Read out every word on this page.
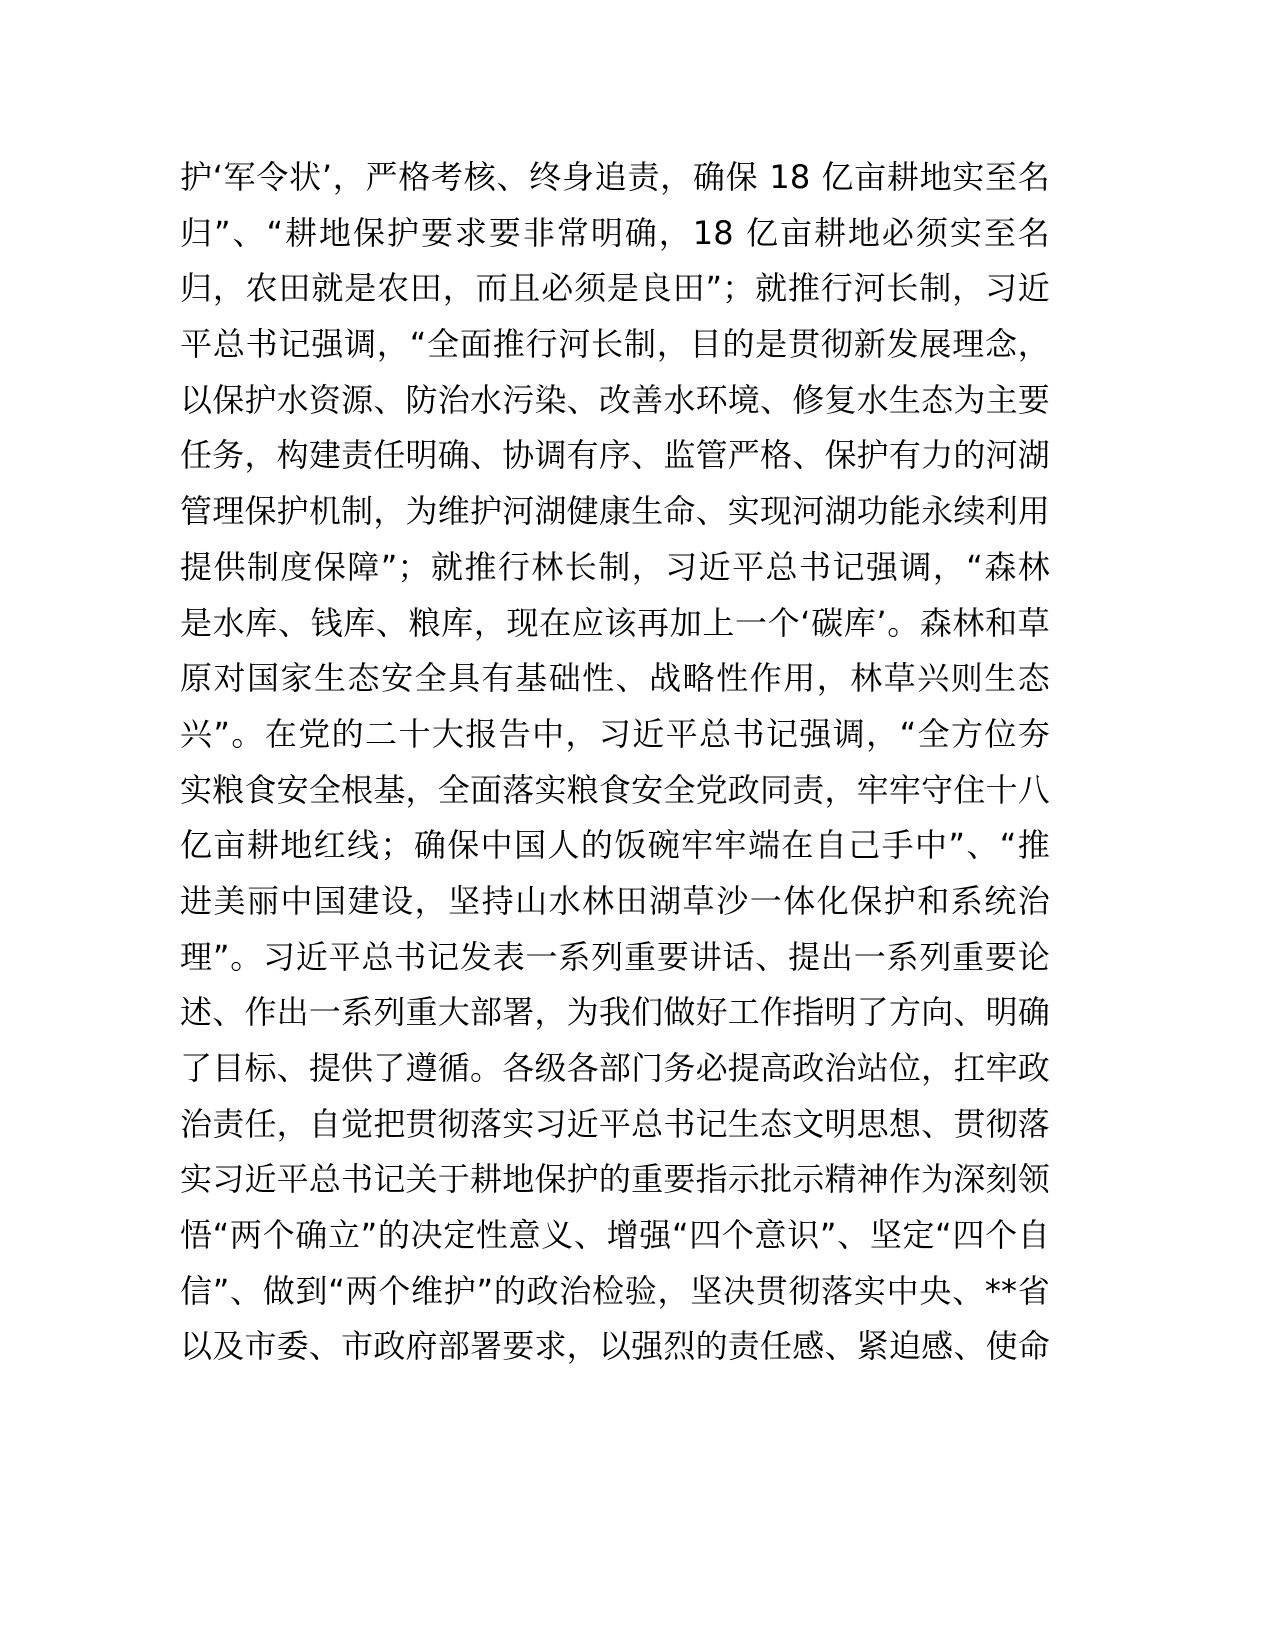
护‘军令状’，严格考核、终身追责，确保 18 亿亩耕地实至名
归”、“耕地保护要求要非常明确，18 亿亩耕地必须实至名
归，农田就是农田，而且必须是良田”；就推行河长制，习近
平总书记强调，“全面推行河长制，目的是贯彻新发展理念，
以保护水资源、防治水污染、改善水环境、修复水生态为主要
任务，构建责任明确、协调有序、监管严格、保护有力的河湖
管理保护机制，为维护河湖健康生命、实现河湖功能永续利用
提供制度保障”；就推行林长制，习近平总书记强调，“森林
是水库、钱库、粮库，现在应该再加上一个‘碳库’。森林和草
原对国家生态安全具有基础性、战略性作用，林草兴则生态
兴”。在党的二十大报告中，习近平总书记强调，“全方位夯
实粮食安全根基，全面落实粮食安全党政同责，牢牢守住十八
亿亩耕地红线；确保中国人的饭碗牢牢端在自己手中”、“推
进美丽中国建设，坚持山水林田湖草沙一体化保护和系统治
理”。习近平总书记发表一系列重要讲话、提出一系列重要论
述、作出一系列重大部署，为我们做好工作指明了方向、明确
了目标、提供了遵循。各级各部门务必提高政治站位，扛牢政
治责任，自觉把贯彻落实习近平总书记生态文明思想、贯彻落
实习近平总书记关于耕地保护的重要指示批示精神作为深刻领
悟“两个确立”的决定性意义、增强“四个意识”、坚定“四个自
信”、做到“两个维护”的政治检验，坚决贯彻落实中央、**省
以及市委、市政府部署要求，以强烈的责任感、紧迫感、使命
